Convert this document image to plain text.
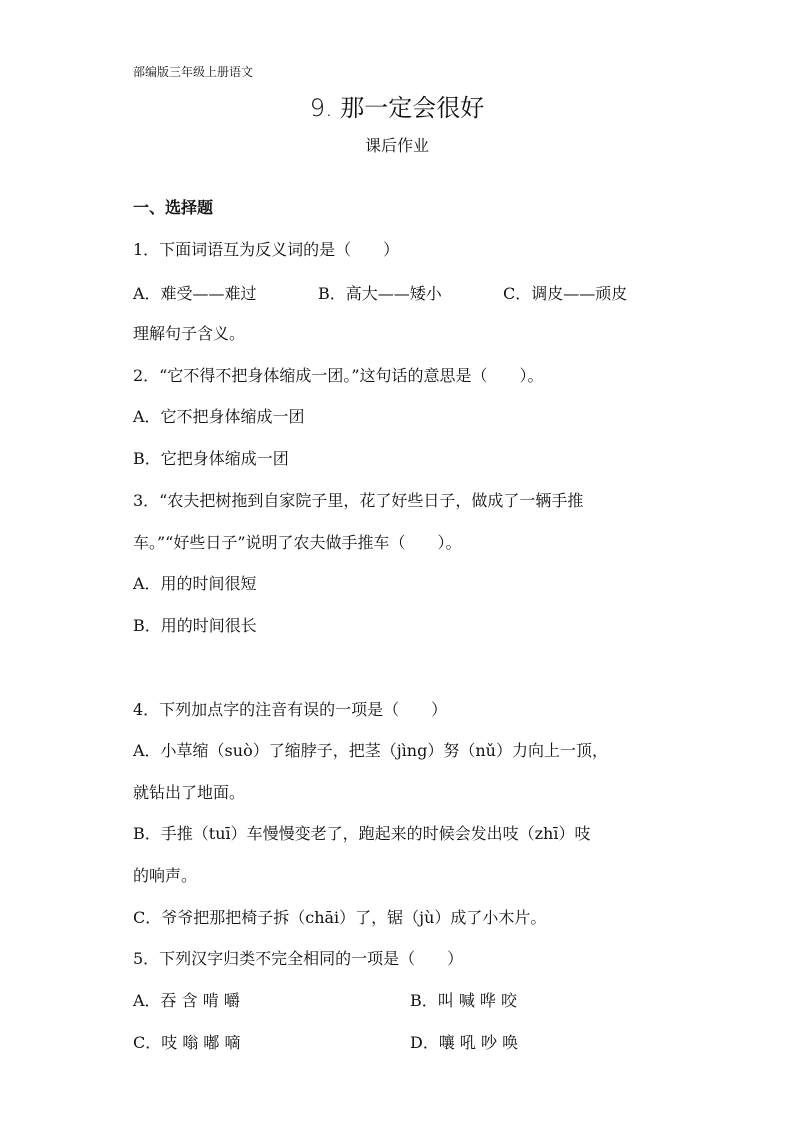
部编版三年级上册语文
9. 那一定会很好
课后作业
一、选择题
1．下面词语互为反义词的是（　　）
A．难受——难过	B．高大——矮小	C．调皮——顽皮
理解句子含义。
2．“它不得不把身体缩成一团。”这句话的意思是（　　）。
A．它不把身体缩成一团
B．它把身体缩成一团
3．“农夫把树拖到自家院子里，花了好些日子，做成了一辆手推
车。”“好些日子”说明了农夫做手推车（　　）。
A．用的时间很短
B．用的时间很长
4．下列加点字的注音有误的一项是（　　）
A．小草缩（suò）了缩脖子，把茎（jìng）努（nǔ）力向上一顶，
就钻出了地面。
B．手推（tuī）车慢慢变老了，跑起来的时候会发出吱（zhī）吱
的响声。
C．爷爷把那把椅子拆（chāi）了，锯（jù）成了小木片。
5．下列汉字归类不完全相同的一项是（　　）
A．吞 含 啃 嚼	B．叫 喊 哗 咬
C．吱 嗡 嘟 嘀	D．嚷 吼 吵 唤
